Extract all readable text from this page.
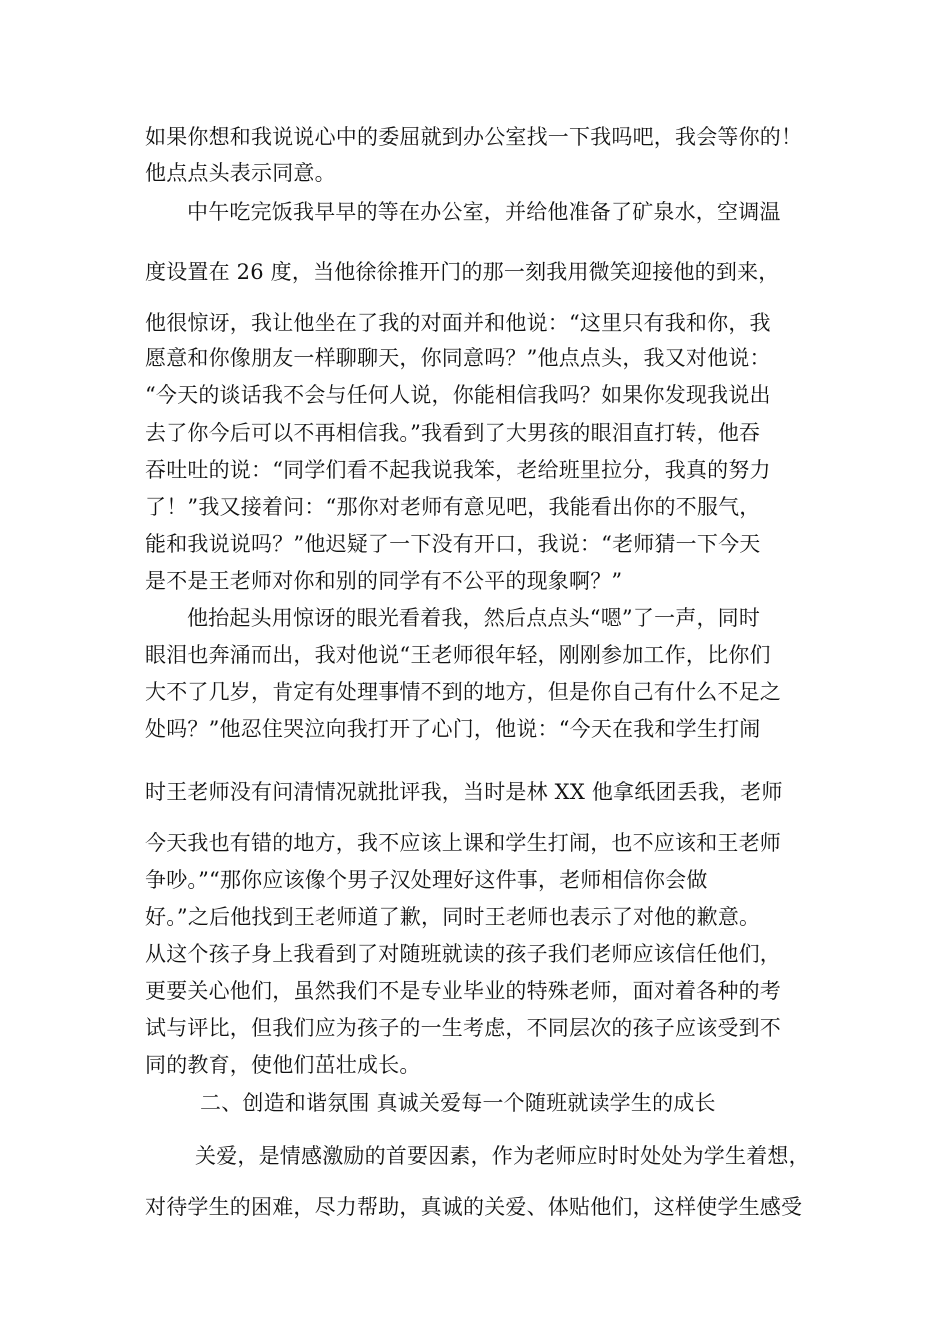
如果你想和我说说心中的委屈就到办公室找一下我吗吧，我会等你的！
他点点头表示同意。
中午吃完饭我早早的等在办公室，并给他准备了矿泉水，空调温
度设置在 26 度，当他徐徐推开门的那一刻我用微笑迎接他的到来，
他很惊讶，我让他坐在了我的对面并和他说：“这里只有我和你，我
愿意和你像朋友一样聊聊天，你同意吗？”他点点头，我又对他说：
“今天的谈话我不会与任何人说，你能相信我吗？如果你发现我说出
去了你今后可以不再相信我。”我看到了大男孩的眼泪直打转，他吞
吞吐吐的说：“同学们看不起我说我笨，老给班里拉分，我真的努力
了！”我又接着问：“那你对老师有意见吧，我能看出你的不服气，
能和我说说吗？”他迟疑了一下没有开口，我说：“老师猜一下今天
是不是王老师对你和别的同学有不公平的现象啊？”
他抬起头用惊讶的眼光看着我，然后点点头“嗯”了一声，同时
眼泪也奔涌而出，我对他说“王老师很年轻，刚刚参加工作，比你们
大不了几岁，肯定有处理事情不到的地方，但是你自己有什么不足之
处吗？”他忍住哭泣向我打开了心门，他说：“今天在我和学生打闹
时王老师没有问清情况就批评我，当时是林 XX 他拿纸团丢我，老师
今天我也有错的地方，我不应该上课和学生打闹，也不应该和王老师
争吵。”“那你应该像个男子汉处理好这件事，老师相信你会做
好。”之后他找到王老师道了歉，同时王老师也表示了对他的歉意。
从这个孩子身上我看到了对随班就读的孩子我们老师应该信任他们，
更要关心他们，虽然我们不是专业毕业的特殊老师，面对着各种的考
试与评比，但我们应为孩子的一生考虑，不同层次的孩子应该受到不
同的教育，使他们茁壮成长。
二、创造和谐氛围 真诚关爱每一个随班就读学生的成长
关爱，是情感激励的首要因素，作为老师应时时处处为学生着想，
对待学生的困难，尽力帮助，真诚的关爱、体贴他们，这样使学生感受
